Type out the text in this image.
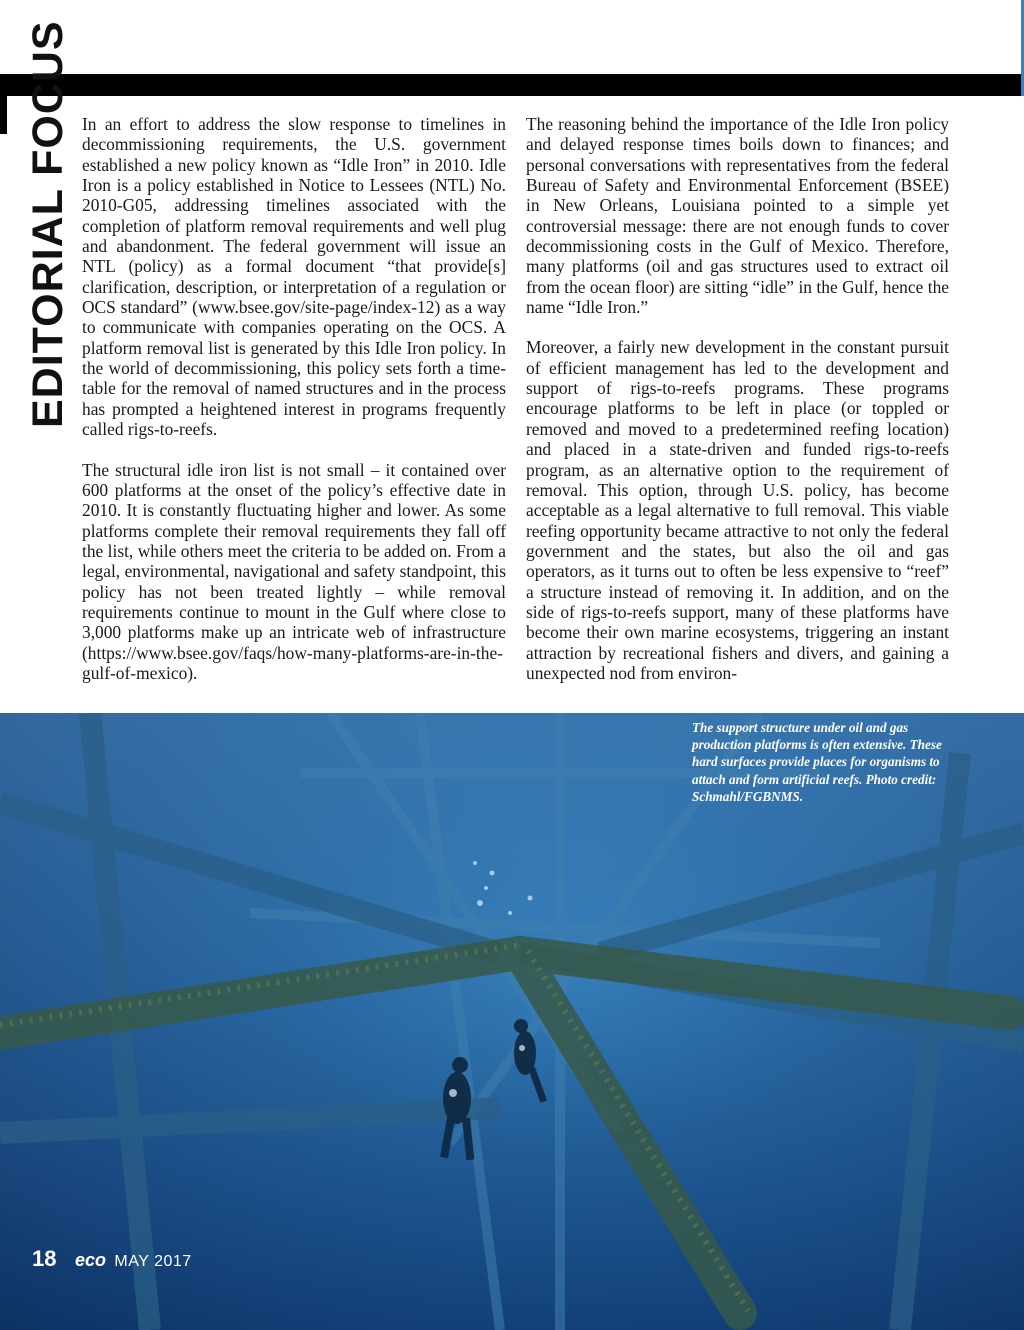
EDITORIAL FOCUS In an effort to address the slow response to timelines in decommissioning requirements, the U.S. government established a new policy known as “Idle Iron” in 2010. Idle Iron is a policy established in Notice to Lessees (NTL) No. 2010-G05, addressing timelines associated with the completion of platform removal requirements and well plug and abandonment. The federal government will issue an NTL (policy) as a formal document “that provide[s] clarification, description, or interpretation of a regulation or OCS standard” (www.bsee.gov/site-page/index-12) as a way to communicate with companies operating on the OCS. A platform removal list is generated by this Idle Iron policy. In the world of decommissioning, this policy sets forth a time-table for the removal of named structures and in the process has prompted a heightened interest in programs frequently called rigs-to-reefs.

The structural idle iron list is not small – it contained over 600 platforms at the onset of the policy’s effective date in 2010. It is constantly fluctuating higher and lower. As some platforms complete their removal requirements they fall off the list, while others meet the criteria to be added on. From a legal, environmental, navigational and safety standpoint, this policy has not been treated lightly – while removal requirements continue to mount in the Gulf where close to 3,000 platforms make up an intricate web of infrastructure (https://www.bsee.gov/faqs/how-many-platforms-are-in-the-gulf-of-mexico).

The reasoning behind the importance of the Idle Iron policy and delayed response times boils down to finances; and personal conversations with representatives from the federal Bureau of Safety and Environmental Enforcement (BSEE) in New Orleans, Louisiana pointed to a simple yet controversial message: there are not enough funds to cover decommissioning costs in the Gulf of Mexico. Therefore, many platforms (oil and gas structures used to extract oil from the ocean floor) are sitting “idle” in the Gulf, hence the name “Idle Iron.”

Moreover, a fairly new development in the constant pursuit of efficient management has led to the development and support of rigs-to-reefs programs. These programs encourage platforms to be left in place (or toppled or removed and moved to a predetermined reefing location) and placed in a state-driven and funded rigs-to-reefs program, as an alternative option to the requirement of removal. This option, through U.S. policy, has become acceptable as a legal alternative to full removal. This viable reefing opportunity became attractive to not only the federal government and the states, but also the oil and gas operators, as it turns out to often be less expensive to “reef” a structure instead of removing it. In addition, and on the side of rigs-to-reefs support, many of these platforms have become their own marine ecosystems, triggering an instant attraction by recreational fishers and divers, and gaining a unexpected nod from environ-

The support structure under oil and gas production platforms is often extensive. These hard surfaces provide places for organisms to attach and form artificial reefs. Photo credit: Schmahl/FGBNMS.
18 eco MAY 2017
